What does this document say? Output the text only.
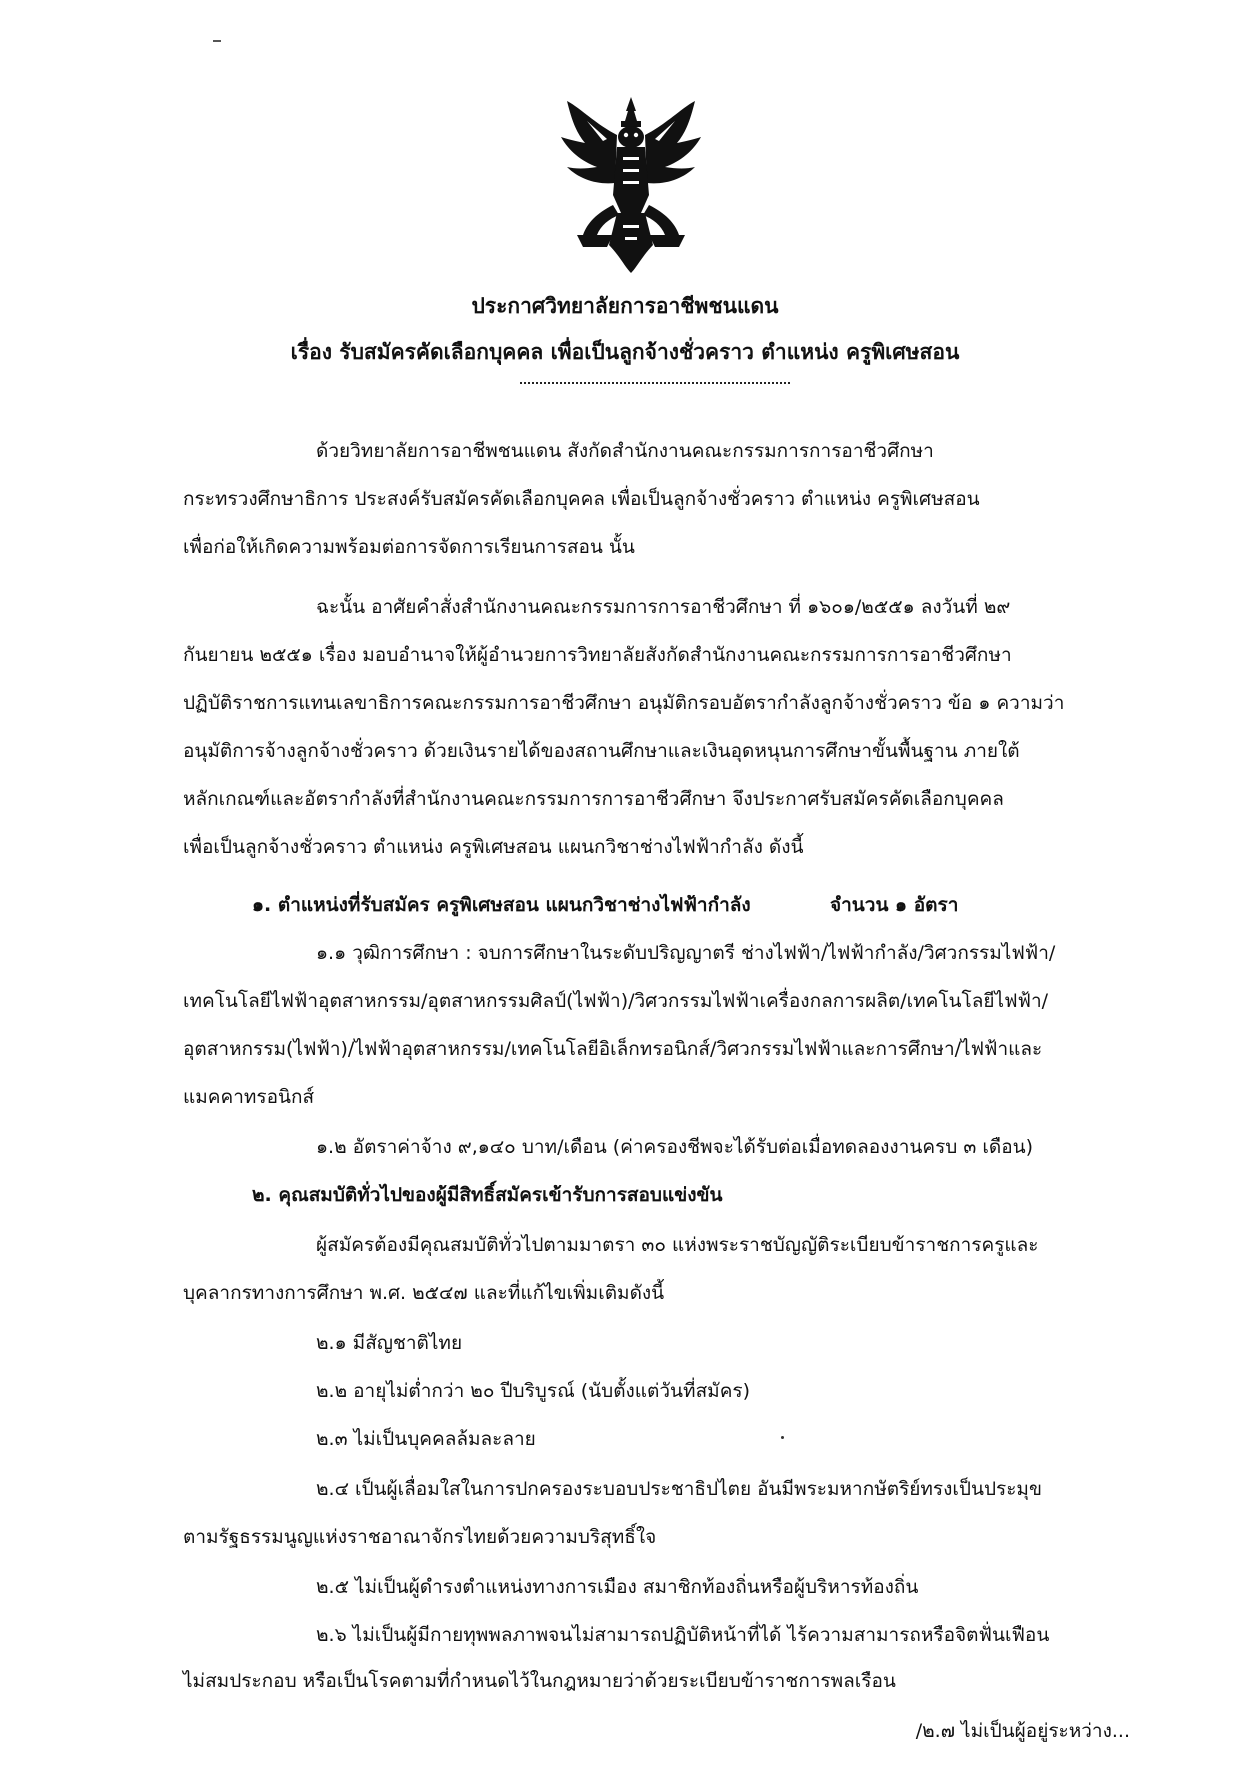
ประกาศวิทยาลัยการอาชีพชนแดน
เรื่อง รับสมัครคัดเลือกบุคคล เพื่อเป็นลูกจ้างชั่วคราว ตำแหน่ง ครูพิเศษสอน
ด้วยวิทยาลัยการอาชีพชนแดน สังกัดสำนักงานคณะกรรมการการอาชีวศึกษา
กระทรวงศึกษาธิการ ประสงค์รับสมัครคัดเลือกบุคคล เพื่อเป็นลูกจ้างชั่วคราว ตำแหน่ง ครูพิเศษสอน
เพื่อก่อให้เกิดความพร้อมต่อการจัดการเรียนการสอน นั้น
ฉะนั้น อาศัยคำสั่งสำนักงานคณะกรรมการการอาชีวศึกษา ที่ ๑๖๐๑/๒๕๕๑ ลงวันที่ ๒๙
กันยายน ๒๕๕๑ เรื่อง มอบอำนาจให้ผู้อำนวยการวิทยาลัยสังกัดสำนักงานคณะกรรมการการอาชีวศึกษา
ปฏิบัติราชการแทนเลขาธิการคณะกรรมการอาชีวศึกษา อนุมัติกรอบอัตรากำลังลูกจ้างชั่วคราว ข้อ ๑ ความว่า
อนุมัติการจ้างลูกจ้างชั่วคราว ด้วยเงินรายได้ของสถานศึกษาและเงินอุดหนุนการศึกษาขั้นพื้นฐาน ภายใต้
หลักเกณฑ์และอัตรากำลังที่สำนักงานคณะกรรมการการอาชีวศึกษา จึงประกาศรับสมัครคัดเลือกบุคคล
เพื่อเป็นลูกจ้างชั่วคราว ตำแหน่ง ครูพิเศษสอน แผนกวิชาช่างไฟฟ้ากำลัง ดังนี้
๑. ตำแหน่งที่รับสมัคร ครูพิเศษสอน แผนกวิชาช่างไฟฟ้ากำลัง	จำนวน ๑ อัตรา
๑.๑ วุฒิการศึกษา : จบการศึกษาในระดับปริญญาตรี ช่างไฟฟ้า/ไฟฟ้ากำลัง/วิศวกรรมไฟฟ้า/
เทคโนโลยีไฟฟ้าอุตสาหกรรม/อุตสาหกรรมศิลป์(ไฟฟ้า)/วิศวกรรมไฟฟ้าเครื่องกลการผลิต/เทคโนโลยีไฟฟ้า/
อุตสาหกรรม(ไฟฟ้า)/ไฟฟ้าอุตสาหกรรม/เทคโนโลยีอิเล็กทรอนิกส์/วิศวกรรมไฟฟ้าและการศึกษา/ไฟฟ้าและ
แมคคาทรอนิกส์
๑.๒ อัตราค่าจ้าง ๙,๑๔๐ บาท/เดือน (ค่าครองชีพจะได้รับต่อเมื่อทดลองงานครบ ๓ เดือน)
๒. คุณสมบัติทั่วไปของผู้มีสิทธิ์สมัครเข้ารับการสอบแข่งขัน
ผู้สมัครต้องมีคุณสมบัติทั่วไปตามมาตรา ๓๐ แห่งพระราชบัญญัติระเบียบข้าราชการครูและ
บุคลากรทางการศึกษา พ.ศ. ๒๕๔๗ และที่แก้ไขเพิ่มเติมดังนี้
๒.๑ มีสัญชาติไทย
๒.๒ อายุไม่ต่ำกว่า ๒๐ ปีบริบูรณ์ (นับตั้งแต่วันที่สมัคร)
๒.๓ ไม่เป็นบุคคลล้มละลาย
๒.๔ เป็นผู้เลื่อมใสในการปกครองระบอบประชาธิปไตย อันมีพระมหากษัตริย์ทรงเป็นประมุข
ตามรัฐธรรมนูญแห่งราชอาณาจักรไทยด้วยความบริสุทธิ์ใจ
๒.๕ ไม่เป็นผู้ดำรงตำแหน่งทางการเมือง สมาชิกท้องถิ่นหรือผู้บริหารท้องถิ่น
๒.๖ ไม่เป็นผู้มีกายทุพพลภาพจนไม่สามารถปฏิบัติหน้าที่ได้ ไร้ความสามารถหรือจิตฟั่นเฟือน
ไม่สมประกอบ หรือเป็นโรคตามที่กำหนดไว้ในกฎหมายว่าด้วยระเบียบข้าราชการพลเรือน
/๒.๗ ไม่เป็นผู้อยู่ระหว่าง...
